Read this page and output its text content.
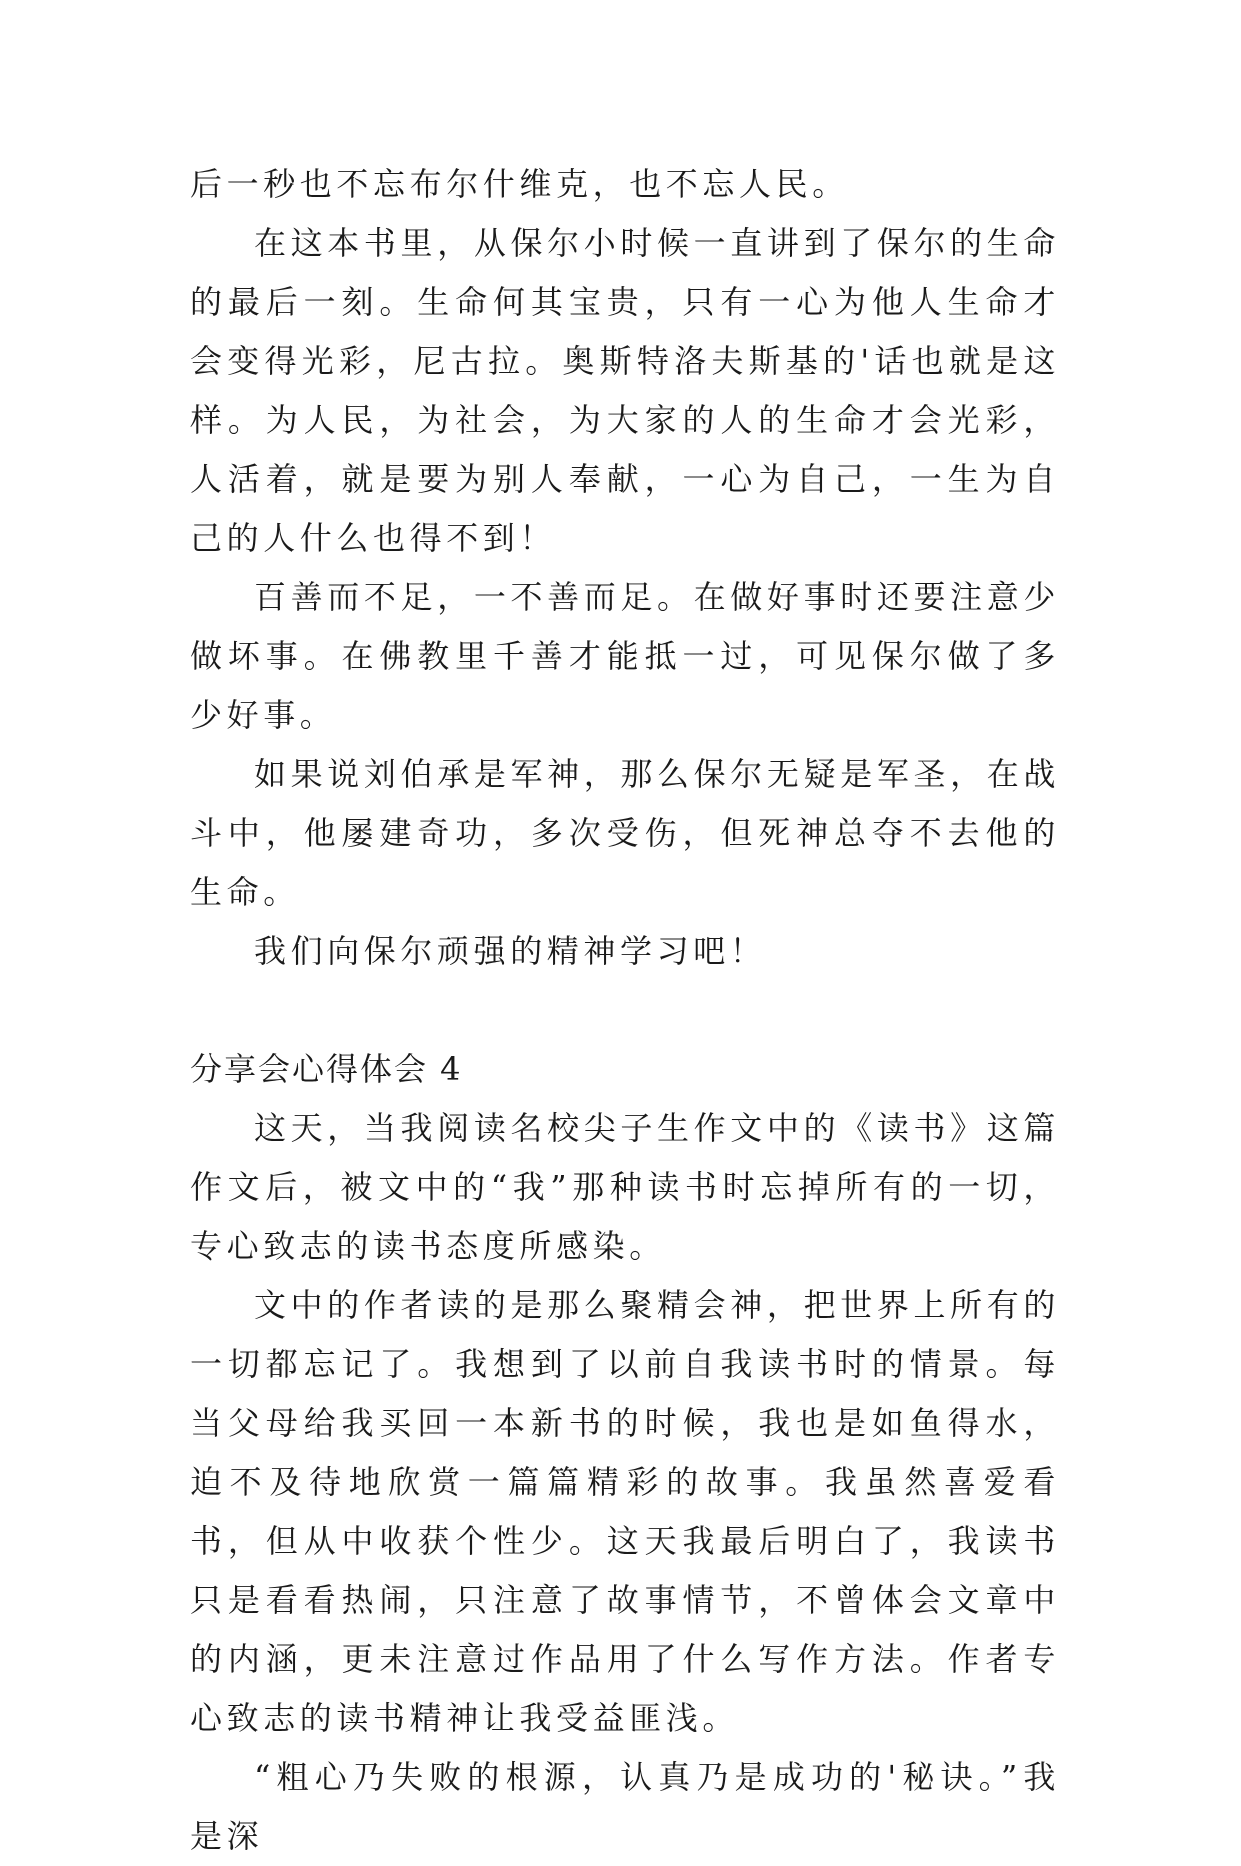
后一秒也不忘布尔什维克，也不忘人民。

在这本书里，从保尔小时候一直讲到了保尔的生命的最后一刻。生命何其宝贵，只有一心为他人生命才会变得光彩，尼古拉。奥斯特洛夫斯基的'话也就是这样。为人民，为社会，为大家的人的生命才会光彩，人活着，就是要为别人奉献，一心为自己，一生为自己的人什么也得不到！

百善而不足，一不善而足。在做好事时还要注意少做坏事。在佛教里千善才能抵一过，可见保尔做了多少好事。

如果说刘伯承是军神，那么保尔无疑是军圣，在战斗中，他屡建奇功，多次受伤，但死神总夺不去他的生命。

我们向保尔顽强的精神学习吧！

分享会心得体会 4

这天，当我阅读名校尖子生作文中的《读书》这篇作文后，被文中的“我”那种读书时忘掉所有的一切，专心致志的读书态度所感染。

文中的作者读的是那么聚精会神，把世界上所有的一切都忘记了。我想到了以前自我读书时的情景。每当父母给我买回一本新书的时候，我也是如鱼得水，迫不及待地欣赏一篇篇精彩的故事。我虽然喜爱看书，但从中收获个性少。这天我最后明白了，我读书只是看看热闹，只注意了故事情节，不曾体会文章中的内涵，更未注意过作品用了什么写作方法。作者专心致志的读书精神让我受益匪浅。

“粗心乃失败的根源，认真乃是成功的'秘诀。”我是深
